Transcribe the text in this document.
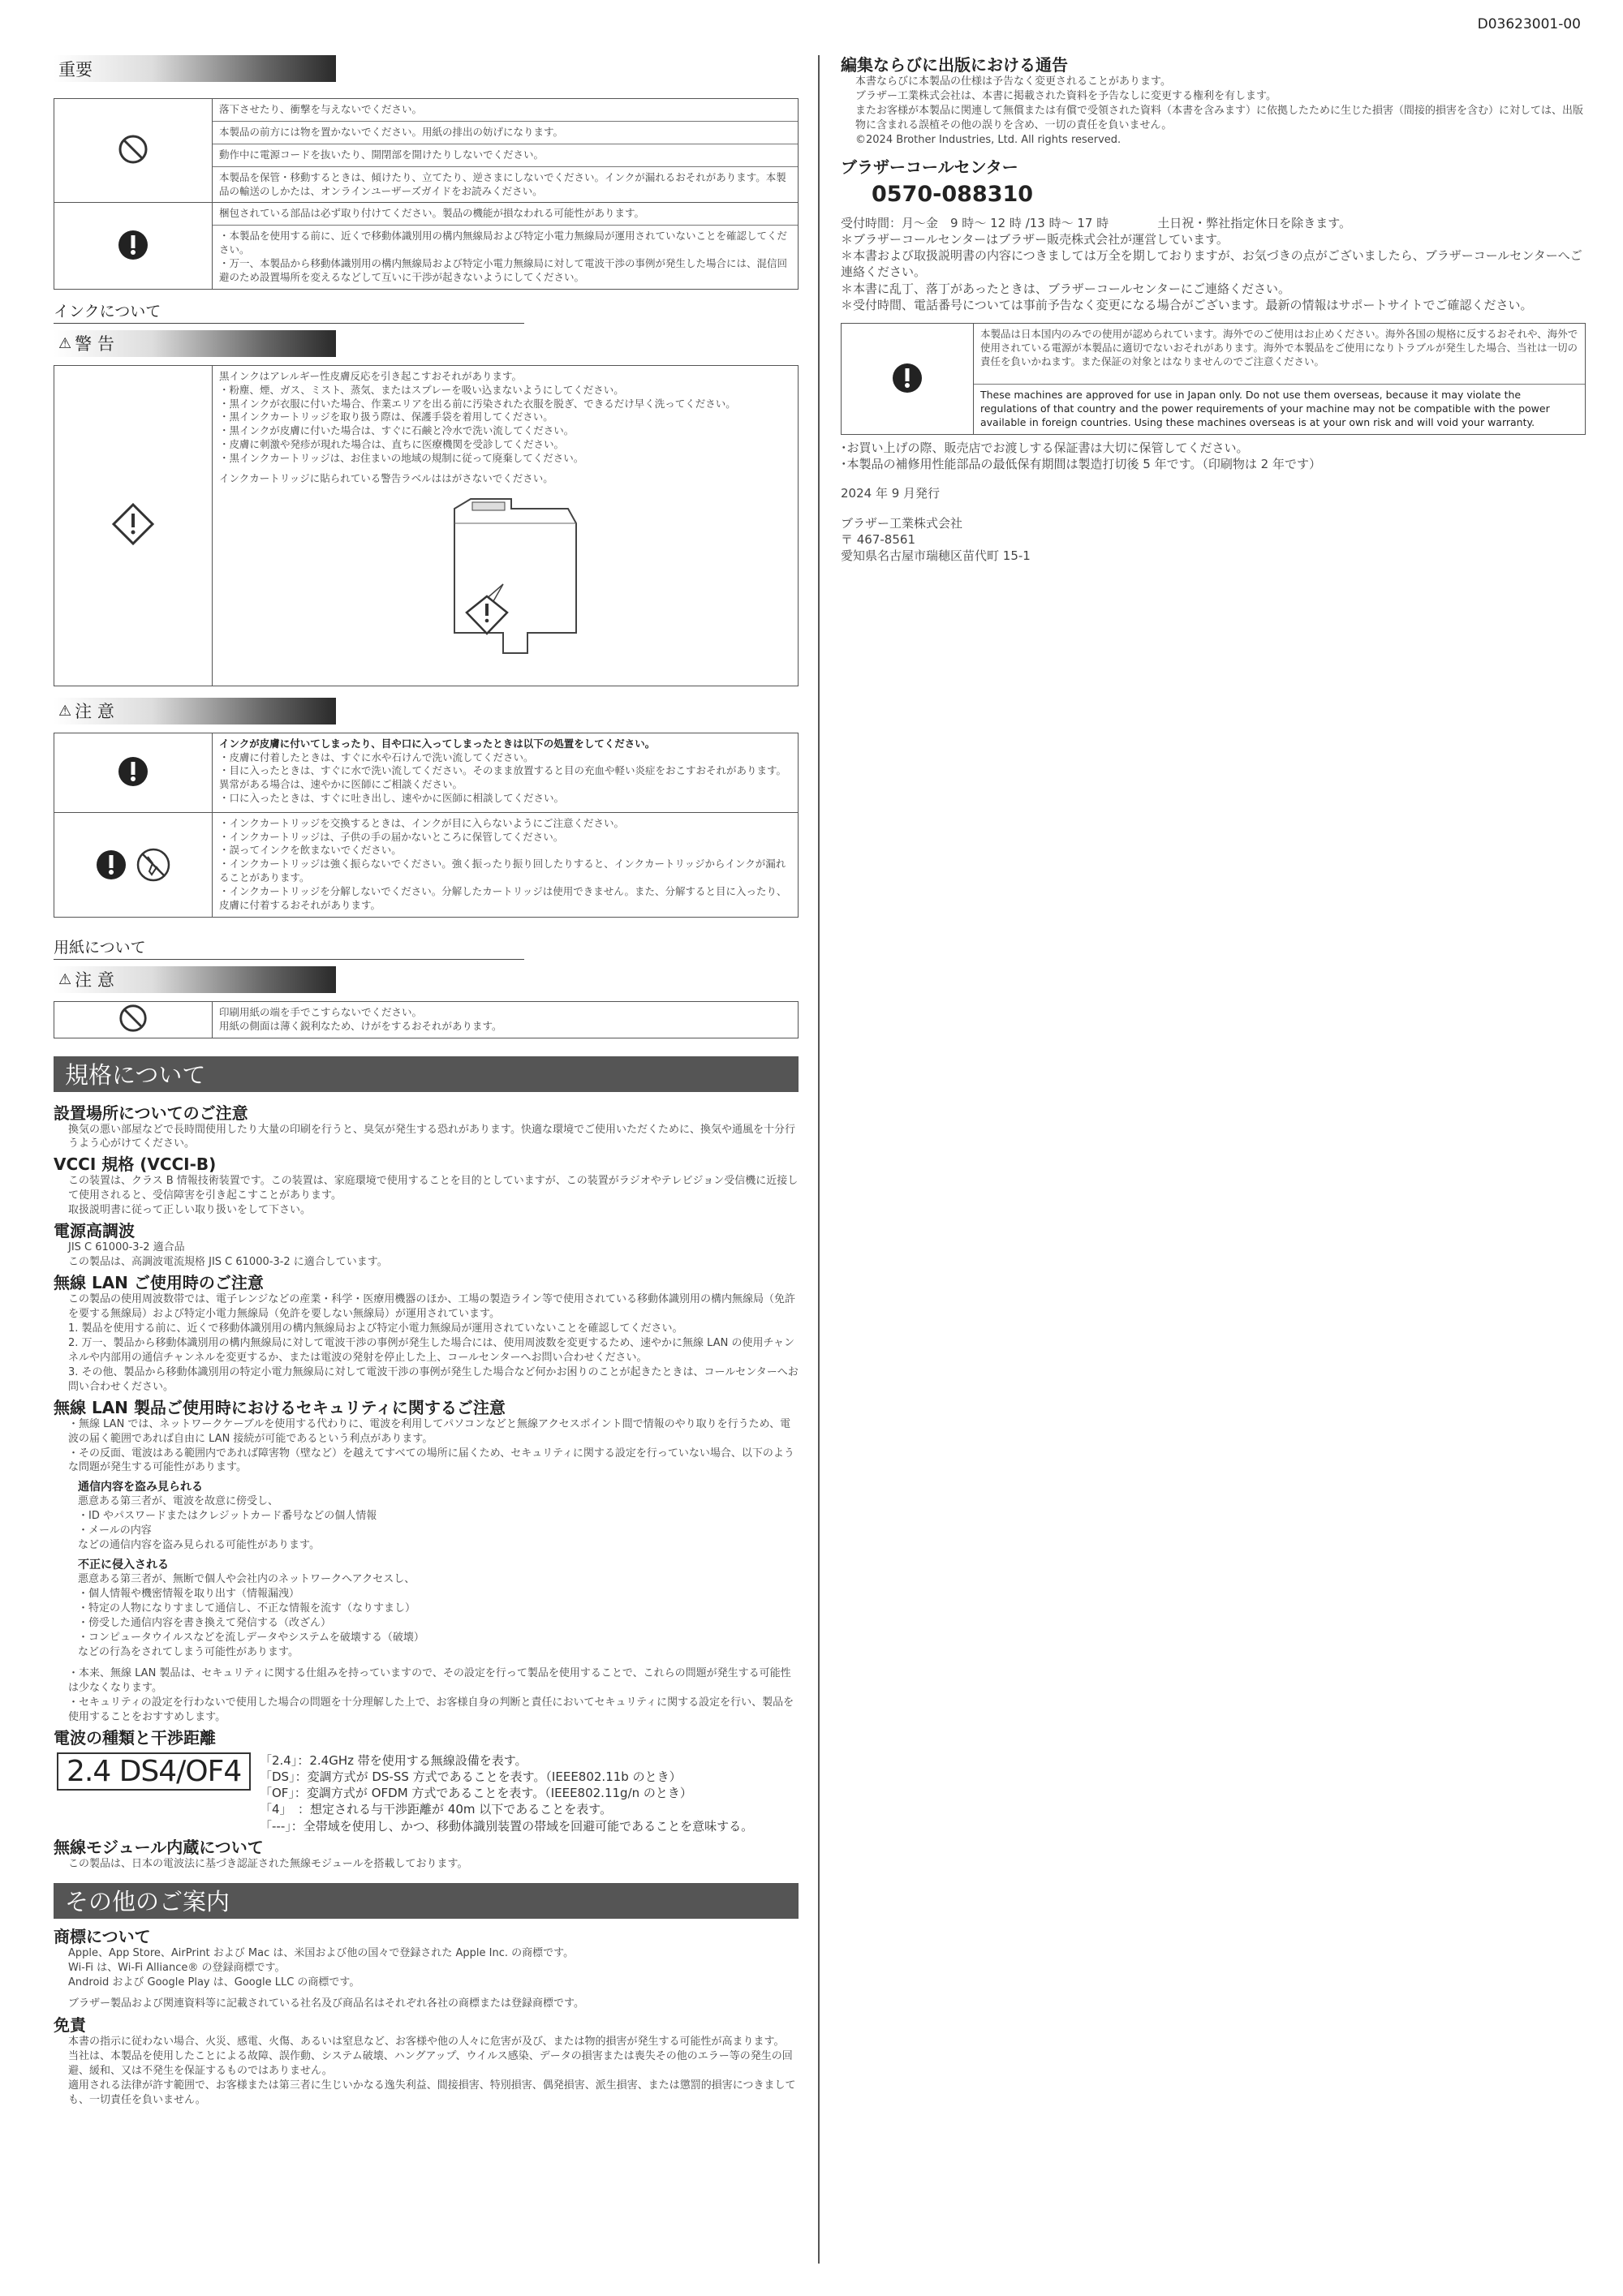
D03623001-00
重要

落下させたり、衝撃を与えないでください。
本製品の前方には物を置かないでください。用紙の排出の妨げになります。
動作中に電源コードを抜いたり、開閉部を開けたりしないでください。
本製品を保管・移動するときは、傾けたり、立てたり、逆さまにしないでください。インクが漏れるおそれがあります。本製品の輸送のしかたは、オンラインユーザーズガイドをお読みください。

梱包されている部品は必ず取り付けてください。製品の機能が損なわれる可能性があります。
・本製品を使用する前に、近くで移動体識別用の構内無線局および特定小電力無線局が運用されていないことを確認してください。
・万一、本製品から移動体識別用の構内無線局および特定小電力無線局に対して電波干渉の事例が発生した場合には、混信回避のため設置場所を変えるなどして互いに干渉が起きないようにしてください。
インクについて
⚠ 警 告

黒インクはアレルギー性皮膚反応を引き起こすおそれがあります。
・粉塵、煙、ガス、ミスト、蒸気、またはスプレーを吸い込まないようにしてください。
・黒インクが衣服に付いた場合、作業エリアを出る前に汚染された衣服を脱ぎ、できるだけ早く洗ってください。
・黒インクカートリッジを取り扱う際は、保護手袋を着用してください。
・黒インクが皮膚に付いた場合は、すぐに石鹸と冷水で洗い流してください。
・皮膚に刺激や発疹が現れた場合は、直ちに医療機関を受診してください。
・黒インクカートリッジは、お住まいの地域の規制に従って廃棄してください。
インクカートリッジに貼られている警告ラベルははがさないでください。
⚠ 注 意

インクが皮膚に付いてしまったり、目や口に入ってしまったときは以下の処置をしてください。
・皮膚に付着したときは、すぐに水や石けんで洗い流してください。
・目に入ったときは、すぐに水で洗い流してください。そのまま放置すると目の充血や軽い炎症をおこすおそれがあります。異常がある場合は、速やかに医師にご相談ください。
・口に入ったときは、すぐに吐き出し、速やかに医師に相談してください。

・インクカートリッジを交換するときは、インクが目に入らないようにご注意ください。
・インクカートリッジは、子供の手の届かないところに保管してください。
・誤ってインクを飲まないでください。
・インクカートリッジは強く振らないでください。強く振ったり振り回したりすると、インクカートリッジからインクが漏れることがあります。
・インクカートリッジを分解しないでください。分解したカートリッジは使用できません。また、分解すると目に入ったり、皮膚に付着するおそれがあります。
用紙について
⚠ 注 意

印刷用紙の端を手でこすらないでください。
用紙の側面は薄く鋭利なため、けがをするおそれがあります。
規格について
設置場所についてのご注意
換気の悪い部屋などで長時間使用したり大量の印刷を行うと、臭気が発生する恐れがあります。快適な環境でご使用いただくために、換気や通風を十分行うよう心がけてください。
VCCI 規格 (VCCI-B)
この装置は、クラス B 情報技術装置です。この装置は、家庭環境で使用することを目的としていますが、この装置がラジオやテレビジョン受信機に近接して使用されると、受信障害を引き起こすことがあります。
取扱説明書に従って正しい取り扱いをして下さい。
電源高調波
JIS C 61000-3-2 適合品
この製品は、高調波電流規格 JIS C 61000-3-2 に適合しています。
無線 LAN ご使用時のご注意
この製品の使用周波数帯では、電子レンジなどの産業・科学・医療用機器のほか、工場の製造ライン等で使用されている移動体識別用の構内無線局（免許を要する無線局）および特定小電力無線局（免許を要しない無線局）が運用されています。
1. 製品を使用する前に、近くで移動体識別用の構内無線局および特定小電力無線局が運用されていないことを確認してください。
2. 万一、製品から移動体識別用の構内無線局に対して電波干渉の事例が発生した場合には、使用周波数を変更するため、速やかに無線 LAN の使用チャンネルや内部用の通信チャンネルを変更するか、または電波の発射を停止した上、コールセンターへお問い合わせください。
3. その他、製品から移動体識別用の特定小電力無線局に対して電波干渉の事例が発生した場合など何かお困りのことが起きたときは、コールセンターへお問い合わせください。
無線 LAN 製品ご使用時におけるセキュリティに関するご注意
・無線 LAN では、ネットワークケーブルを使用する代わりに、電波を利用してパソコンなどと無線アクセスポイント間で情報のやり取りを行うため、電波の届く範囲であれば自由に LAN 接続が可能であるという利点があります。
・その反面、電波はある範囲内であれば障害物（壁など）を越えてすべての場所に届くため、セキュリティに関する設定を行っていない場合、以下のような問題が発生する可能性があります。
通信内容を盗み見られる
悪意ある第三者が、電波を故意に傍受し、
・ID やパスワードまたはクレジットカード番号などの個人情報
・メールの内容
などの通信内容を盗み見られる可能性があります。
不正に侵入される
悪意ある第三者が、無断で個人や会社内のネットワークへアクセスし、
・個人情報や機密情報を取り出す（情報漏洩）
・特定の人物になりすまして通信し、不正な情報を流す（なりすまし）
・傍受した通信内容を書き換えて発信する（改ざん）
・コンピュータウイルスなどを流しデータやシステムを破壊する（破壊）
などの行為をされてしまう可能性があります。
・本来、無線 LAN 製品は、セキュリティに関する仕組みを持っていますので、その設定を行って製品を使用することで、これらの問題が発生する可能性は少なくなります。
・セキュリティの設定を行わないで使用した場合の問題を十分理解した上で、お客様自身の判断と責任においてセキュリティに関する設定を行い、製品を使用することをおすすめします。
電波の種類と干渉距離
2.4 DS4/OF4	「2.4」：2.4GHz 帯を使用する無線設備を表す。
「DS」：変調方式が DS-SS 方式であることを表す。（IEEE802.11b のとき）
「OF」：変調方式が OFDM 方式であることを表す。（IEEE802.11g/n のとき）
「4」　：想定される与干渉距離が 40m 以下であることを表す。
「---」：全帯域を使用し、かつ、移動体識別装置の帯域を回避可能であることを意味する。
無線モジュール内蔵について
この製品は、日本の電波法に基づき認証された無線モジュールを搭載しております。
その他のご案内
商標について
Apple、App Store、AirPrint および Mac は、米国および他の国々で登録された Apple Inc. の商標です。
Wi-Fi は、Wi-Fi Alliance® の登録商標です。
Android および Google Play は、Google LLC の商標です。
ブラザー製品および関連資料等に記載されている社名及び商品名はそれぞれ各社の商標または登録商標です。
免責
本書の指示に従わない場合、火災、感電、火傷、あるいは窒息など、お客様や他の人々に危害が及び、または物的損害が発生する可能性が高まります。
当社は、本製品を使用したことによる故障、誤作動、システム破壊、ハングアップ、ウイルス感染、データの損害または喪失その他のエラー等の発生の回避、緩和、又は不発生を保証するものではありません。
適用される法律が許す範囲で、お客様または第三者に生じいかなる逸失利益、間接損害、特別損害、偶発損害、派生損害、または懲罰的損害につきましても、一切責任を負いません。
編集ならびに出版における通告
本書ならびに本製品の仕様は予告なく変更されることがあります。
ブラザー工業株式会社は、本書に掲載された資料を予告なしに変更する権利を有します。
またお客様が本製品に関連して無償または有償で受領された資料（本書を含みます）に依拠したために生じた損害（間接的損害を含む）に対しては、出版物に含まれる誤植その他の誤りを含め、一切の責任を負いません。
©2024 Brother Industries, Ltd. All rights reserved.
ブラザーコールセンター
0570-088310
受付時間：月～金　9 時～ 12 時 /13 時～ 17 時　　　　土日祝・弊社指定休日を除きます。
＊ブラザーコールセンターはブラザー販売株式会社が運営しています。
＊本書および取扱説明書の内容につきましては万全を期しておりますが、お気づきの点がございましたら、ブラザーコールセンターへご連絡ください。
＊本書に乱丁、落丁があったときは、ブラザーコールセンターにご連絡ください。
＊受付時間、電話番号については事前予告なく変更になる場合がございます。最新の情報はサポートサイトでご確認ください。

本製品は日本国内のみでの使用が認められています。海外でのご使用はお止めください。海外各国の規格に反するおそれや、海外で使用されている電源が本製品に適切でないおそれがあります。海外で本製品をご使用になりトラブルが発生した場合、当社は一切の責任を負いかねます。また保証の対象とはなりませんのでご注意ください。
These machines are approved for use in Japan only. Do not use them overseas, because it may violate the regulations of that country and the power requirements of your machine may not be compatible with the power available in foreign countries. Using these machines overseas is at your own risk and will void your warranty.
･お買い上げの際、販売店でお渡しする保証書は大切に保管してください。
･本製品の補修用性能部品の最低保有期間は製造打切後 5 年です。（印刷物は 2 年です）
2024 年 9 月発行
ブラザー工業株式会社
〒 467-8561
愛知県名古屋市瑞穂区苗代町 15-1
